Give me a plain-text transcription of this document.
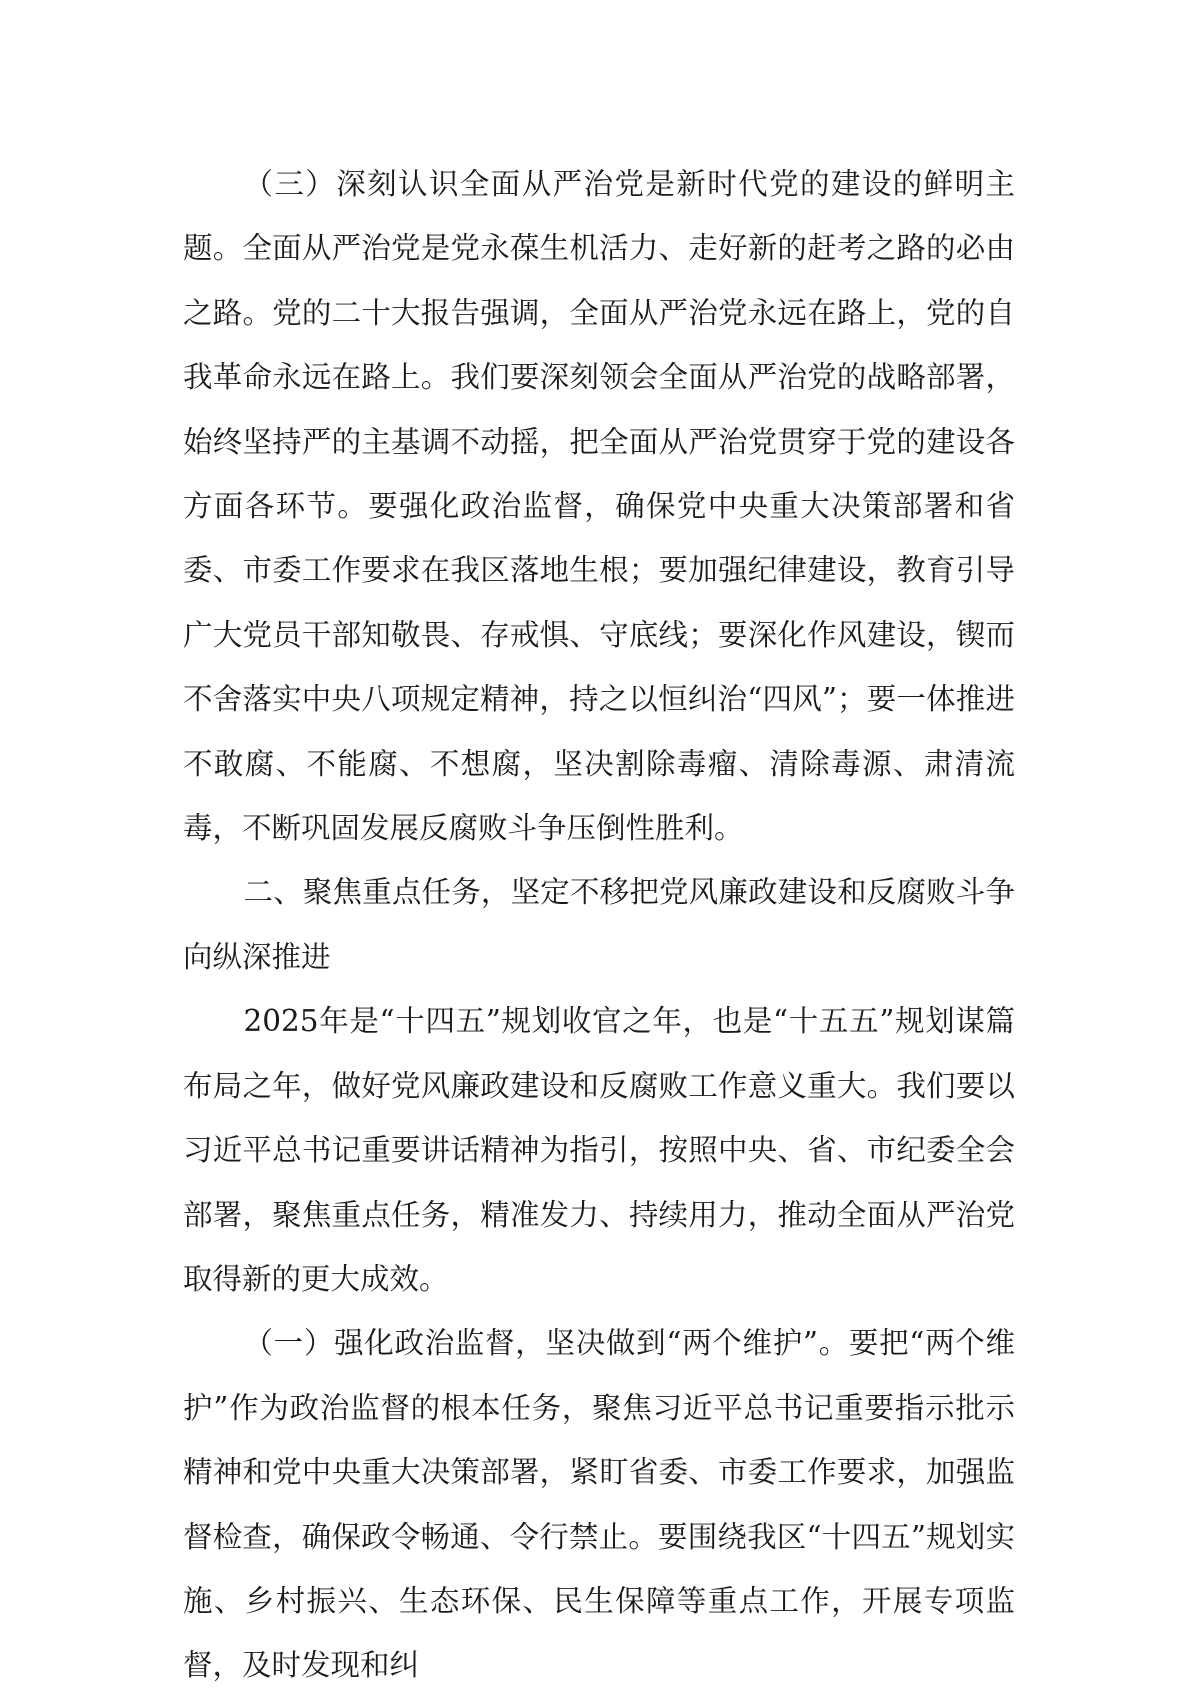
（三）深刻认识全面从严治党是新时代党的建设的鲜明主题。全面从严治党是党永葆生机活力、走好新的赶考之路的必由之路。党的二十大报告强调，全面从严治党永远在路上，党的自我革命永远在路上。我们要深刻领会全面从严治党的战略部署，始终坚持严的主基调不动摇，把全面从严治党贯穿于党的建设各方面各环节。要强化政治监督，确保党中央重大决策部署和省委、市委工作要求在我区落地生根；要加强纪律建设，教育引导广大党员干部知敬畏、存戒惧、守底线；要深化作风建设，锲而不舍落实中央八项规定精神，持之以恒纠治“四风”；要一体推进不敢腐、不能腐、不想腐，坚决割除毒瘤、清除毒源、肃清流毒，不断巩固发展反腐败斗争压倒性胜利。

二、聚焦重点任务，坚定不移把党风廉政建设和反腐败斗争向纵深推进

2025年是“十四五”规划收官之年，也是“十五五”规划谋篇布局之年，做好党风廉政建设和反腐败工作意义重大。我们要以习近平总书记重要讲话精神为指引，按照中央、省、市纪委全会部署，聚焦重点任务，精准发力、持续用力，推动全面从严治党取得新的更大成效。

（一）强化政治监督，坚决做到“两个维护”。要把“两个维护”作为政治监督的根本任务，聚焦习近平总书记重要指示批示精神和党中央重大决策部署，紧盯省委、市委工作要求，加强监督检查，确保政令畅通、令行禁止。要围绕我区“十四五”规划实施、乡村振兴、生态环保、民生保障等重点工作，开展专项监督，及时发现和纠
